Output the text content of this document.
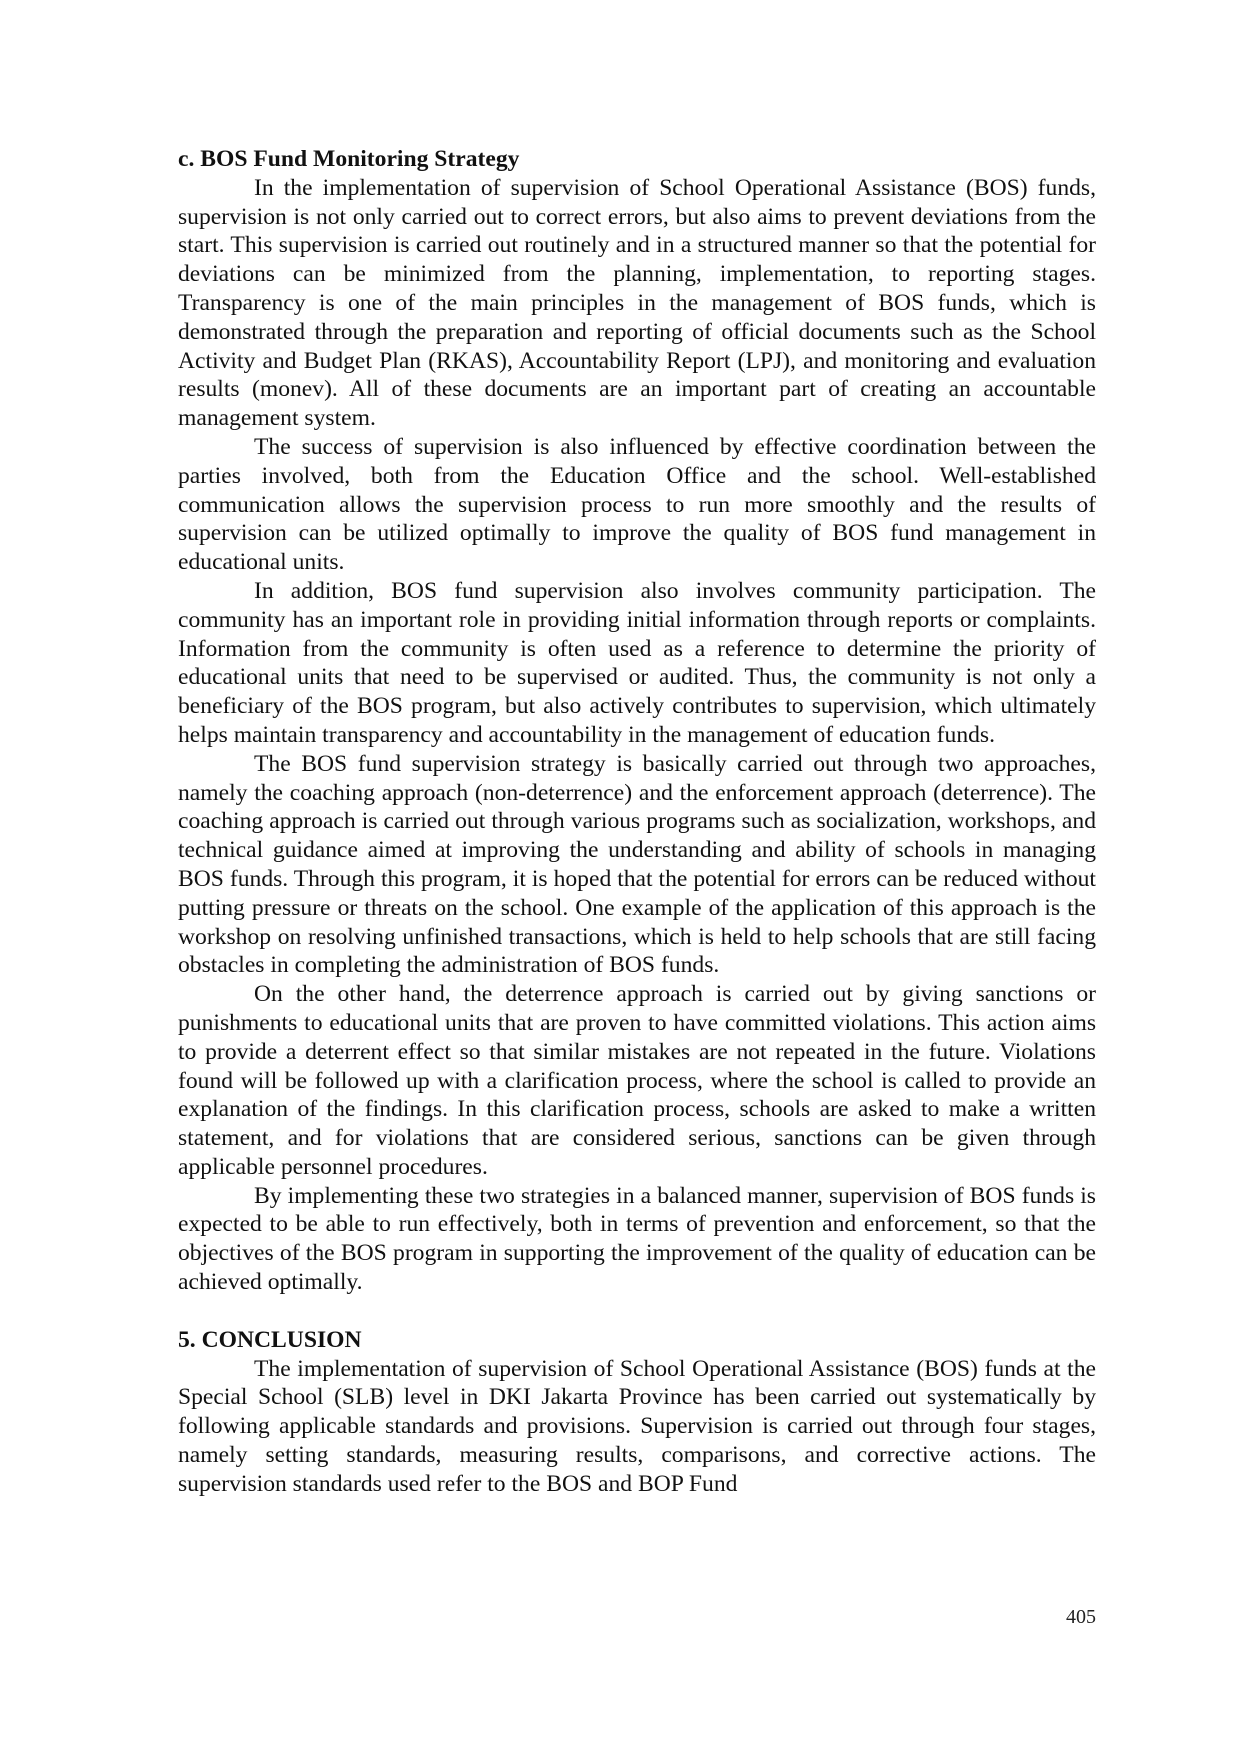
c. BOS Fund Monitoring Strategy

In the implementation of supervision of School Operational Assistance (BOS) funds, supervision is not only carried out to correct errors, but also aims to prevent deviations from the start. This supervision is carried out routinely and in a structured manner so that the potential for deviations can be minimized from the planning, implementation, to reporting stages. Transparency is one of the main principles in the management of BOS funds, which is demonstrated through the preparation and reporting of official documents such as the School Activity and Budget Plan (RKAS), Accountability Report (LPJ), and monitoring and evaluation results (monev). All of these documents are an important part of creating an accountable management system.

The success of supervision is also influenced by effective coordination between the parties involved, both from the Education Office and the school. Well-established communication allows the supervision process to run more smoothly and the results of supervision can be utilized optimally to improve the quality of BOS fund management in educational units.

In addition, BOS fund supervision also involves community participation. The community has an important role in providing initial information through reports or complaints. Information from the community is often used as a reference to determine the priority of educational units that need to be supervised or audited. Thus, the community is not only a beneficiary of the BOS program, but also actively contributes to supervision, which ultimately helps maintain transparency and accountability in the management of education funds.

The BOS fund supervision strategy is basically carried out through two approaches, namely the coaching approach (non-deterrence) and the enforcement approach (deterrence). The coaching approach is carried out through various programs such as socialization, workshops, and technical guidance aimed at improving the understanding and ability of schools in managing BOS funds. Through this program, it is hoped that the potential for errors can be reduced without putting pressure or threats on the school. One example of the application of this approach is the workshop on resolving unfinished transactions, which is held to help schools that are still facing obstacles in completing the administration of BOS funds.

On the other hand, the deterrence approach is carried out by giving sanctions or punishments to educational units that are proven to have committed violations. This action aims to provide a deterrent effect so that similar mistakes are not repeated in the future. Violations found will be followed up with a clarification process, where the school is called to provide an explanation of the findings. In this clarification process, schools are asked to make a written statement, and for violations that are considered serious, sanctions can be given through applicable personnel procedures.

By implementing these two strategies in a balanced manner, supervision of BOS funds is expected to be able to run effectively, both in terms of prevention and enforcement, so that the objectives of the BOS program in supporting the improvement of the quality of education can be achieved optimally.

5. CONCLUSION

The implementation of supervision of School Operational Assistance (BOS) funds at the Special School (SLB) level in DKI Jakarta Province has been carried out systematically by following applicable standards and provisions. Supervision is carried out through four stages, namely setting standards, measuring results, comparisons, and corrective actions. The supervision standards used refer to the BOS and BOP Fund

405
